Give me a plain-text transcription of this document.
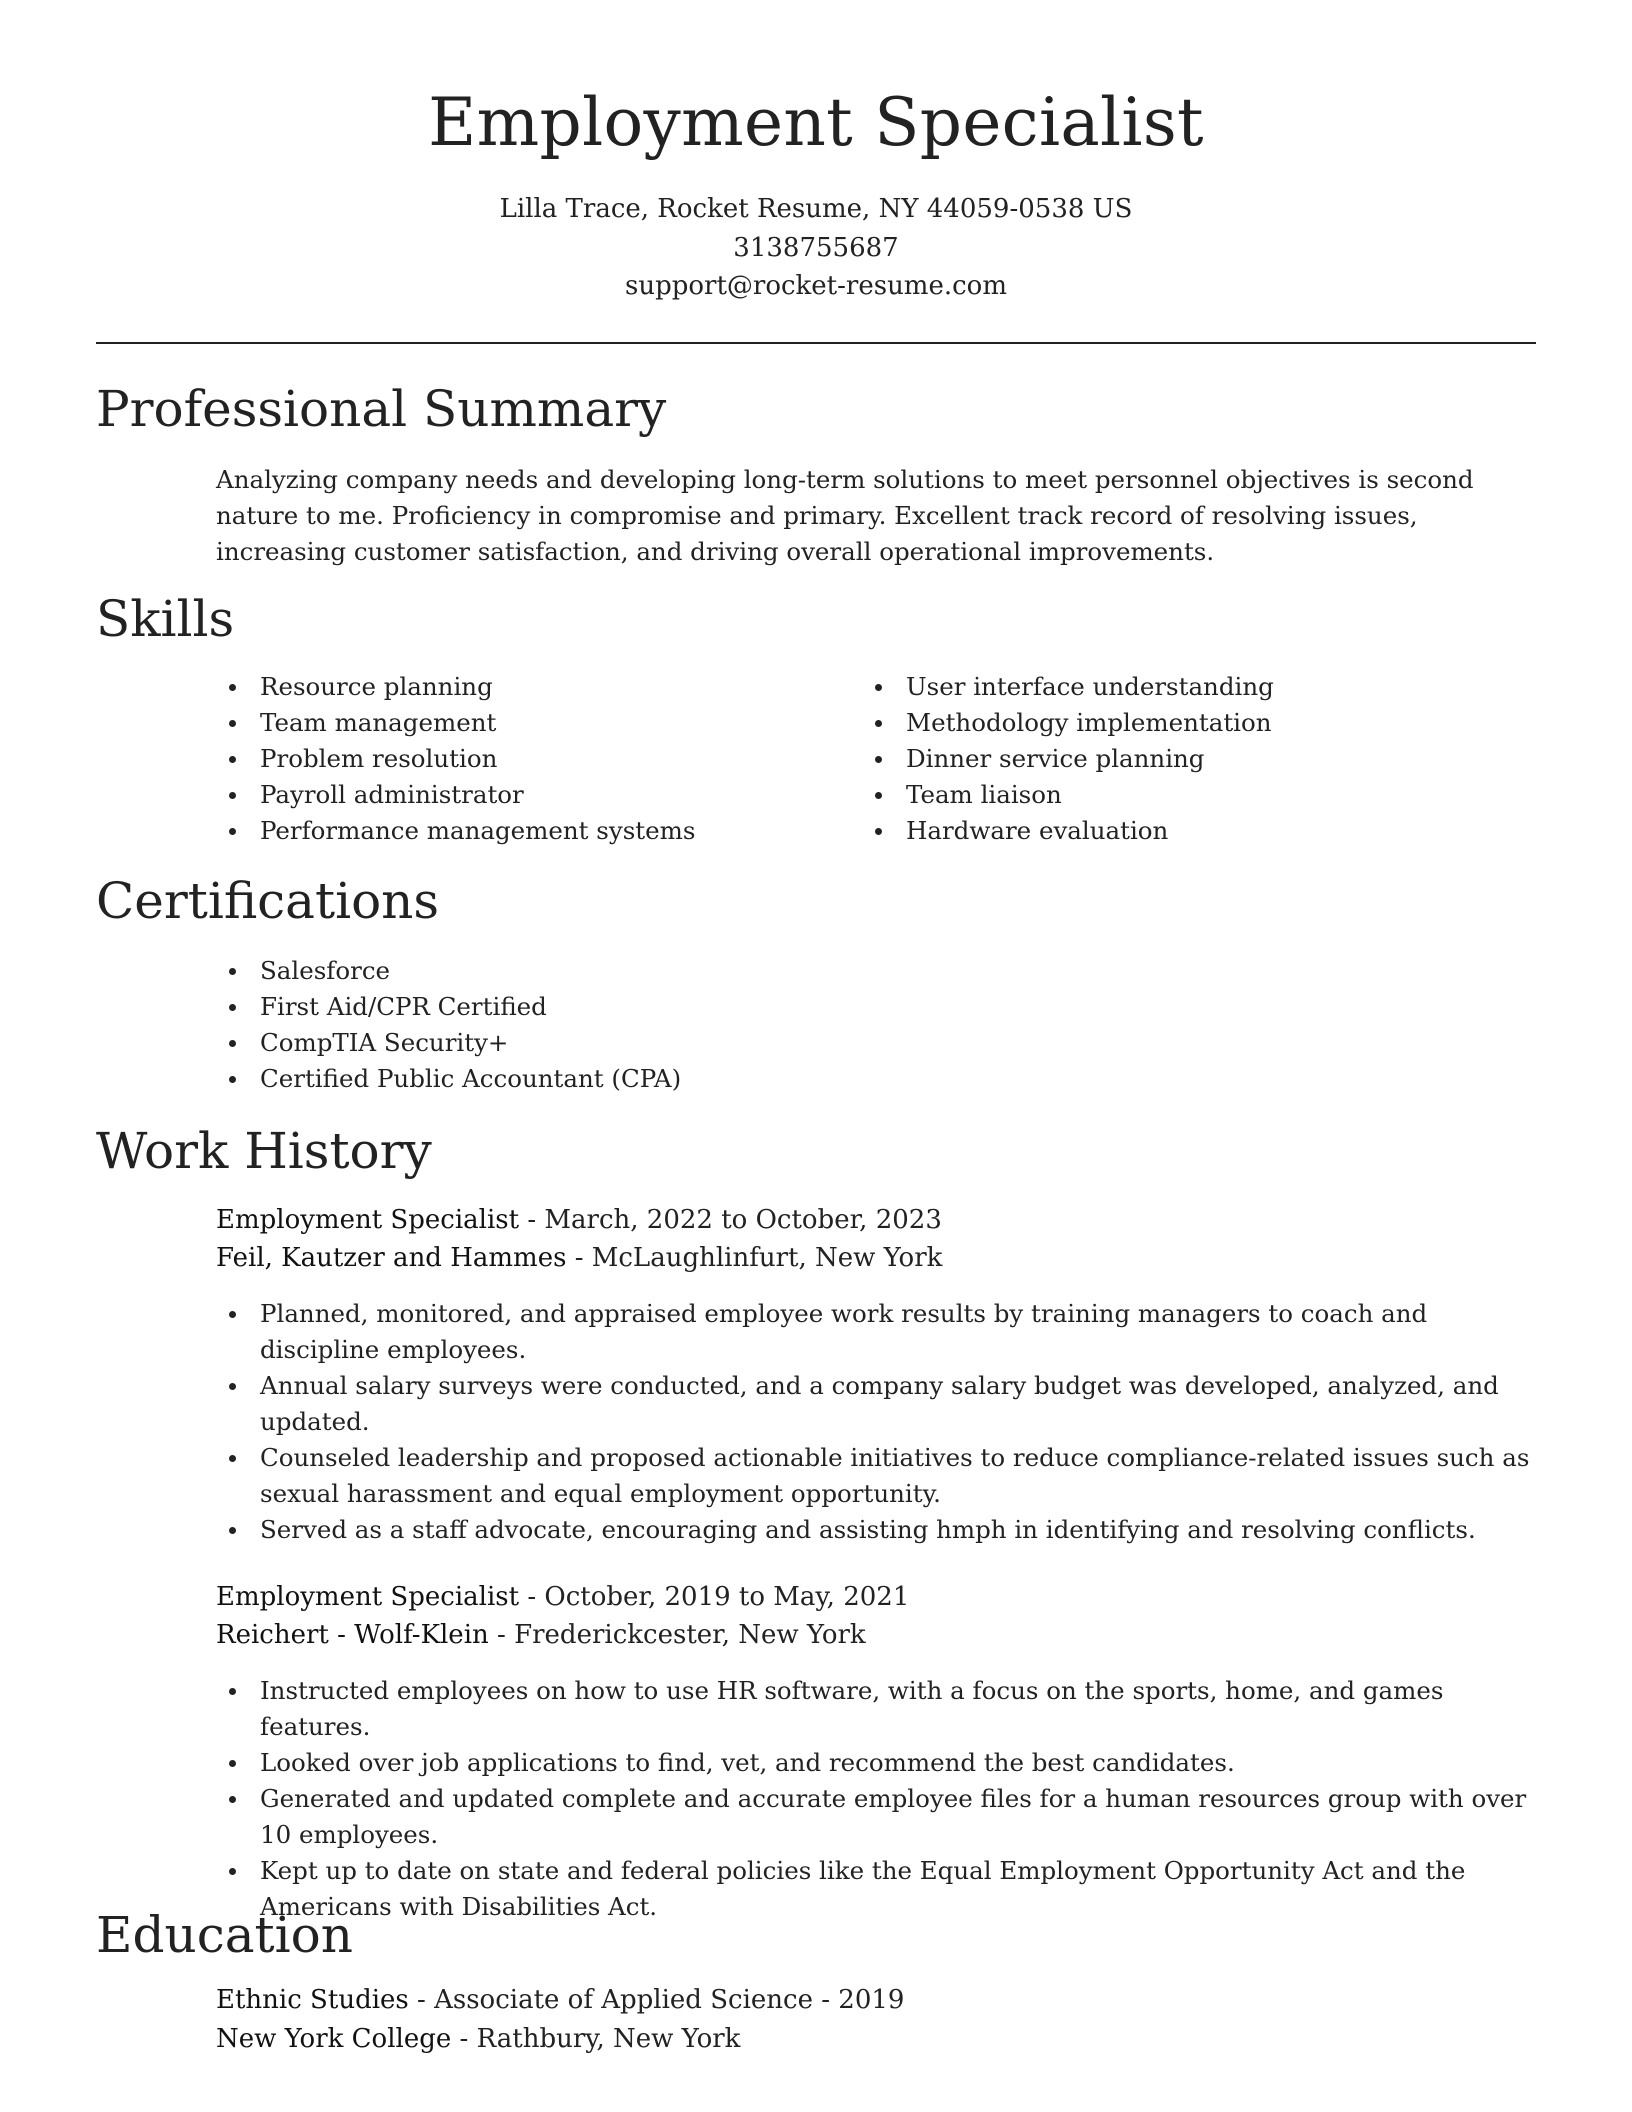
Employment Specialist
Lilla Trace, Rocket Resume, NY 44059-0538 US
3138755687
support@rocket-resume.com
Professional Summary

Analyzing company needs and developing long-term solutions to meet personnel objectives is second nature to me. Proficiency in compromise and primary. Excellent track record of resolving issues, increasing customer satisfaction, and driving overall operational improvements.

Skills
Resource planning
Team management
Problem resolution
Payroll administrator
Performance management systems
User interface understanding
Methodology implementation
Dinner service planning
Team liaison
Hardware evaluation
Certifications
Salesforce
First Aid/CPR Certified
CompTIA Security+
Certified Public Accountant (CPA)
Work History
Employment Specialist - March, 2022 to October, 2023
Feil, Kautzer and Hammes - McLaughlinfurt, New York
Planned, monitored, and appraised employee work results by training managers to coach and discipline employees.
Annual salary surveys were conducted, and a company salary budget was developed, analyzed, and updated.
Counseled leadership and proposed actionable initiatives to reduce compliance-related issues such as sexual harassment and equal employment opportunity.
Served as a staff advocate, encouraging and assisting hmph in identifying and resolving conflicts.
Employment Specialist - October, 2019 to May, 2021
Reichert - Wolf-Klein - Frederickcester, New York
Instructed employees on how to use HR software, with a focus on the sports, home, and games features.
Looked over job applications to find, vet, and recommend the best candidates.
Generated and updated complete and accurate employee files for a human resources group with over 10 employees.
Kept up to date on state and federal policies like the Equal Employment Opportunity Act and the Americans with Disabilities Act.
Education
Ethnic Studies - Associate of Applied Science - 2019
New York College - Rathbury, New York
